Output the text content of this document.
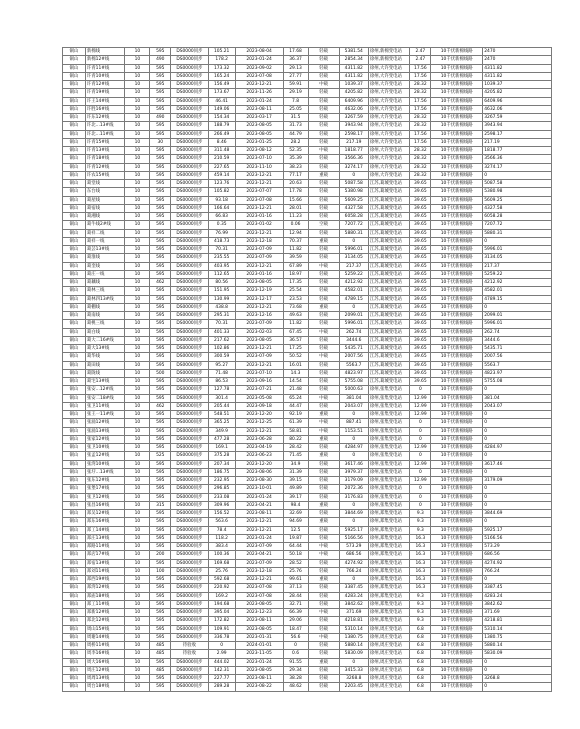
铜山	新棉线	10	595	DS0000同步	105.21	2023-08-04	17.68	轻载	5381.54	徐州,新棉变电站	2.47	10千伏新棉线路	2470
铜山	新棉12#线	10	490	DS0000同步	178.2	2023-01-24	36.37	轻载	2854.34	徐州,新棉变电站	2.47	10千伏新棉线路	2470
铜山	许青11#线	10	595	DS0000同步	173.32	2023-09-02	29.13	轻载	4311.82	徐州,大许变电站	17.56	10千伏新棉线路	4311.82
铜山	许青10#线	10	595	DS0000同步	165.24	2023-07-08	27.77	轻载	4311.82	徐州,大许变电站	17.56	10千伏新棉线路	4311.82
铜山	许青12#线	10	595	DS0000同步	156.49	2023-12-21	59.91	中载	1039.37	徐州,大许变电站	28.32	10千伏新棉线路	1039.37
铜山	许青19#线	10	595	DS0000同步	173.67	2023-11-26	29.19	轻载	4205.82	徐州,大许变电站	28.32	10千伏新棉线路	4205.82
铜山	许王14#线	10	595	DS0000同步	46.41	2023-01-24	7.8	轻载	6409.96	徐州,大许变电站	17.56	10千伏新棉线路	6409.96
铜山	许胜16#线	10	595	DS0000同步	149.06	2023-08-11	25.05	轻载	4632.06	徐州,大许变电站	17.56	10千伏新棉线路	4632.06
铜山	许东12#线	10	490	DS0000同步	154.34	2023-03-17	31.5	轻载	3267.59	徐州,大许变电站	28.32	10千伏新棉线路	3267.59
铜山	许北...13#线	10	595	DS0000同步	188.79	2023-08-05	31.73	轻载	3943.94	徐州,大许变电站	28.32	10千伏新棉线路	3943.94
铜山	许北...11#线	10	595	DS0000同步	266.49	2023-08-05	44.79	轻载	2598.17	徐州,大许变电站	17.56	10千伏新棉线路	2598.17
铜山	许青15#线	10	30	DS0000同步	8.46	2023-01-25	28.2	轻载	217.19	徐州,大许变电站	17.56	10千伏新棉线路	217.19
铜山	许青13#线	10	595	DS0000同步	311.48	2023-08-12	52.35	中载	1818.77	徐州,大许变电站	28.32	10千伏新棉线路	1818.77
铜山	许青18#线	10	595	DS0000同步	210.59	2023-07-10	35.39	轻载	3566.36	徐州,大许变电站	28.32	10千伏新棉线路	3566.36
铜山	许青12#线	10	595	DS0000同步	227.65	2023-11-10	38.23	轻载	3274.17	徐州,大许变电站	28.32	10千伏新棉线路	3274.17
铜山	许农15#线	10	595	DS0000同步	459.14	2023-12-21	77.17	重载	0	徐州,大许变电站	28.32	10千伏新棉线路	0
铜山	葛堂线	10	595	DS0000同步	123.76	2023-12-21	20.63	轻载	5087.58	江苏,葛城变电站	39.65	10千伏新棉线路	5087.58
铜山	东台线	10	595	DS0000同步	105.82	2023-07-07	17.78	轻载	5380.98	江苏,葛城变电站	39.65	10千伏新棉线路	5380.98
铜山	葛屋线	10	595	DS0000同步	93.18	2023-07-08	15.66	轻载	5609.25	江苏,葛城变电站	39.65	10千伏新棉线路	5609.25
铜山	葛宿线	10	595	DS0000同步	166.64	2023-12-21	28.01	轻载	4327.58	江苏,葛城变电站	39.65	10千伏新棉线路	4327.58
铜山	葛湘线	10	595	DS0000同步	66.83	2023-01-16	11.23	轻载	6058.28	江苏,葛城变电站	39.65	10千伏新棉线路	6058.28
铜山	葛牛线2#线	10	595	DS0000同步	0.35	2023-01-02	0.06	空载	7207.72	江苏,葛城变电站	39.65	10千伏新棉线路	7207.72
铜山	葛祥二线	10	595	DS0000同步	76.99	2023-12-21	12.94	轻载	5880.31	江苏,葛城变电站	39.65	10千伏新棉线路	5880.31
铜山	葛祥一线	10	595	DS0000同步	418.73	2023-12-18	70.37	重载	0	江苏,葛城变电站	39.65	10千伏新棉线路	0
铜山	葛芸13#线	10	595	DS0000同步	70.31	2023-07-09	11.82	轻载	5996.01	江苏,葛城变电站	39.65	10千伏新棉线路	5996.01
铜山	葛淮线	10	595	DS0000同步	235.55	2023-07-09	39.59	轻载	3134.05	江苏,葛城变电站	39.65	10千伏新棉线路	3134.05
铜山	葛奎线	10	595	DS0000同步	403.95	2023-12-21	67.89	中载	217.37	江苏,葛城变电站	39.65	10千伏新棉线路	217.37
铜山	葛庄一线	10	595	DS0000同步	112.65	2023-01-16	18.97	轻载	5259.22	江苏,葛城变电站	39.65	10千伏新棉线路	5259.22
铜山	葛藕线	10	462	DS0000同步	80.56	2023-08-05	17.35	轻载	4212.92	江苏,葛城变电站	39.65	10千伏新棉线路	4212.92
铜山	葛林三线	10	595	DS0000同步	151.95	2023-12-19	25.54	轻载	4582.01	江苏,葛城变电站	39.65	10千伏新棉线路	4582.01
铜山	葛林四13#线	10	595	DS0000同步	130.99	2023-12-17	23.53	轻载	4789.15	江苏,葛城变电站	39.65	10千伏新棉线路	4789.15
铜山	葛棚线	10	595	DS0000同步	438.8	2023-12-21	73.68	重载	0	江苏,葛城变电站	39.65	10千伏新棉线路	0
铜山	葛南线	10	595	DS0000同步	295.31	2023-12-16	49.63	轻载	2099.01	江苏,葛城变电站	39.65	10千伏新棉线路	2099.01
铜山	葛桃三线	10	595	DS0000同步	70.31	2023-07-09	11.82	轻载	5996.01	江苏,葛城变电站	39.65	10千伏新棉线路	5996.01
铜山	葛白线	10	595	DS0000同步	401.33	2023-02-03	67.45	中载	262.74	江苏,葛城变电站	39.65	10千伏新棉线路	262.74
铜山	葛大二16#线	10	595	DS0000同步	217.62	2023-08-05	36.57	轻载	3444.6	江苏,葛城变电站	39.65	10千伏新棉线路	3444.6
铜山	葛大13#线	10	595	DS0000同步	102.86	2023-12-21	17.25	轻载	5435.71	江苏,葛城变电站	39.65	10千伏新棉线路	5435.71
铜山	葛华线	10	595	DS0000同步	300.59	2023-07-09	50.52	中载	2007.56	江苏,葛城变电站	39.65	10千伏新棉线路	2007.56
铜山	葛田线	10	595	DS0000同步	95.27	2023-12-21	16.01	轻载	5563.7	江苏,葛城变电站	39.65	10千伏新棉线路	5563.7
铜山	葛陇线	10	500	DS0000同步	71.48	2023-07-10	14.3	轻载	4823.97	江苏,葛城变电站	39.65	10千伏新棉线路	4823.97
铜山	葛宅13#线	10	595	DS0000同步	86.53	2023-09-16	14.54	轻载	5755.08	江苏,葛城变电站	39.65	10千伏新棉线路	5755.08
铜山	张安...12#线	10	595	DS0000同步	127.78	2023-07-21	21.48	轻载	5000.63	徐州,张集变电站	0	10千伏新棉线路	0
铜山	张安二18#线	10	595	DS0000同步	301.4	2023-05-08	65.24	中载	381.04	徐州,张集变电站	12.99	10千伏新棉线路	381.04
铜山	张卫11#线	10	462	DS0000同步	205.44	2023-09-18	44.47	轻载	2043.07	徐州,张集变电站	12.99	10千伏新棉线路	2043.07
铜山	张王一11#线	10	595	DS0000同步	548.51	2023-12-20	92.19	重载	0	徐州,张集变电站	12.99	10千伏新棉线路	0
铜山	张涌12#线	10	595	DS0000同步	365.25	2023-12-25	61.39	中载	887.41	徐州,张集变电站	0	10千伏新棉线路	0
铜山	张涌13#线	10	595	DS0000同步	349.9	2023-12-21	58.81	中载	1153.51	徐州,张集变电站	0	10千伏新棉线路	0
铜山	张家12#线	10	595	DS0000同步	477.28	2023-06-28	80.22	重载	0	徐州,张集变电站	0	10千伏新棉线路	0
铜山	张卫10#线	10	595	DS0000同步	169.1	2023-04-19	28.42	轻载	4284.97	徐州,张集变电站	12.99	10千伏新棉线路	4284.97
铜山	张孟12#线	10	525	DS0000同步	375.28	2023-06-23	71.45	重载	0	徐州,张集变电站	0	10千伏新棉线路	0
铜山	张湾10#线	10	595	DS0000同步	207.34	2023-12-20	34.9	轻载	3617.46	徐州,张集变电站	12.99	10千伏新棉线路	3617.46
铜山	张圩...13#线	10	595	DS0000同步	186.75	2023-08-06	31.39	轻载	3979.37	徐州,张集变电站	0	10千伏新棉线路	0
铜山	张东12#线	10	595	DS0000同步	232.95	2023-08-30	39.15	轻载	3179.09	徐州,张集变电站	12.99	10千伏新棉线路	3179.09
铜山	张堡17#线	10	595	DS0000同步	296.85	2023-10-01	49.89	轻载	2072.36	徐州,张集变电站	0	10千伏新棉线路	0
铜山	张卫12#线	10	595	DS0000同步	233.08	2023-01-24	39.17	轻载	3176.83	徐州,张集变电站	0	10千伏新棉线路	0
铜山	张昌16#线	10	315	DS0000同步	309.96	2023-04-21	98.4	重载	0	徐州,张集变电站	0	10千伏新棉线路	0
铜山	郑吴12#线	10	595	DS0000同步	156.52	2023-08-11	32.69	轻载	3844.69	徐州,郑集变电站	9.3	10千伏新棉线路	3844.69
铜山	郑东16#线	10	595	DS0000同步	563.6	2023-12-21	94.69	重载	0	徐州,郑集变电站	9.3	10千伏新棉线路	0
铜山	郑工14#线	10	595	DS0000同步	78.4	2023-12-21	12.5	轻载	5925.17	徐州,郑集变电站	9.3	10千伏新棉线路	5925.17
铜山	郑庄13#线	10	595	DS0000同步	118.2	2023-01-24	19.87	轻载	5166.56	徐州,郑集变电站	16.3	10千伏新棉线路	5166.56
铜山	郑路11#线	10	595	DS0000同步	383.4	2023-07-09	64.44	中载	573.29	徐州,郑集变电站	16.3	10千伏新棉线路	573.29
铜山	郑店17#线	10	200	DS0000同步	100.36	2023-04-21	50.18	中载	686.56	徐州,郑集变电站	16.3	10千伏新棉线路	686.56
铜山	郑宿13#线	10	595	DS0000同步	169.68	2023-07-09	28.52	轻载	4274.92	徐州,郑集变电站	16.3	10千伏新棉线路	4274.92
铜山	郑刘11#线	10	100	DS0000同步	25.76	2023-12-18	25.76	轻载	766.24	徐州,郑集变电站	16.3	10千伏新棉线路	766.24
铜山	郑西19#线	10	595	DS0000同步	592.68	2023-12-21	99.61	重载	0	徐州,郑集变电站	16.3	10千伏新棉线路	0
铜山	郑湾12#线	10	595	DS0000同步	220.92	2023-07-08	37.13	轻载	3387.45	徐州,郑集变电站	16.3	10千伏新棉线路	3387.45
铜山	郑庙18#线	10	595	DS0000同步	169.2	2023-07-08	28.44	轻载	4283.24	徐州,郑集变电站	9.3	10千伏新棉线路	4283.24
铜山	郑工11#线	10	595	DS0000同步	194.68	2023-08-05	32.71	轻载	3842.62	徐州,郑集变电站	9.3	10千伏新棉线路	3842.62
铜山	郑新12#线	10	595	DS0000同步	395.04	2023-12-23	66.39	中载	371.69	徐州,郑集变电站	9.3	10千伏新棉线路	371.69
铜山	郑北12#线	10	595	DS0000同步	172.82	2023-08-11	29.06	轻载	4218.81	徐州,郑集变电站	9.3	10千伏新棉线路	4218.81
铜山	周山15#线	10	595	DS0000同步	109.91	2023-08-05	18.47	轻载	5310.14	徐州,周庄变电站	6.8	10千伏新棉线路	5310.14
铜山	周谢14#线	10	595	DS0000同步	336.78	2023-01-31	56.6	中载	1380.75	徐州,周庄变电站	6.8	10千伏新棉线路	1380.75
铜山	周桥11#线	10	485	待验收	0	2024-01-01	0	轻载	5880.14	徐州,周庄变电站	6.8	10千伏新棉线路	5880.14
铜山	周李16#线	10	485	待验收	2.99	2023-11-05	0.6	轻载	5830.09	徐州,周庄变电站	6.8	10千伏新棉线路	5830.09
铜山	周大16#线	10	595	DS0000同步	444.02	2023-01-24	91.55	重载	0	徐州,周庄变电站	6.8	10千伏新棉线路	0
铜山	周庄12#线	10	485	DS0000同步	142.31	2023-08-05	29.34	轻载	3415.33	徐州,周庄变电站	6.8	10千伏新棉线路	0
铜山	周周13#线	10	595	DS0000同步	227.77	2023-08-11	38.28	轻载	3268.8	徐州,周庄变电站	6.8	10千伏新棉线路	3268.8
铜山	周台18#线	10	595	DS0000同步	289.28	2023-08-22	48.62	轻载	2203.45	徐州,周庄变电站	6.8	10千伏新棉线路	0
